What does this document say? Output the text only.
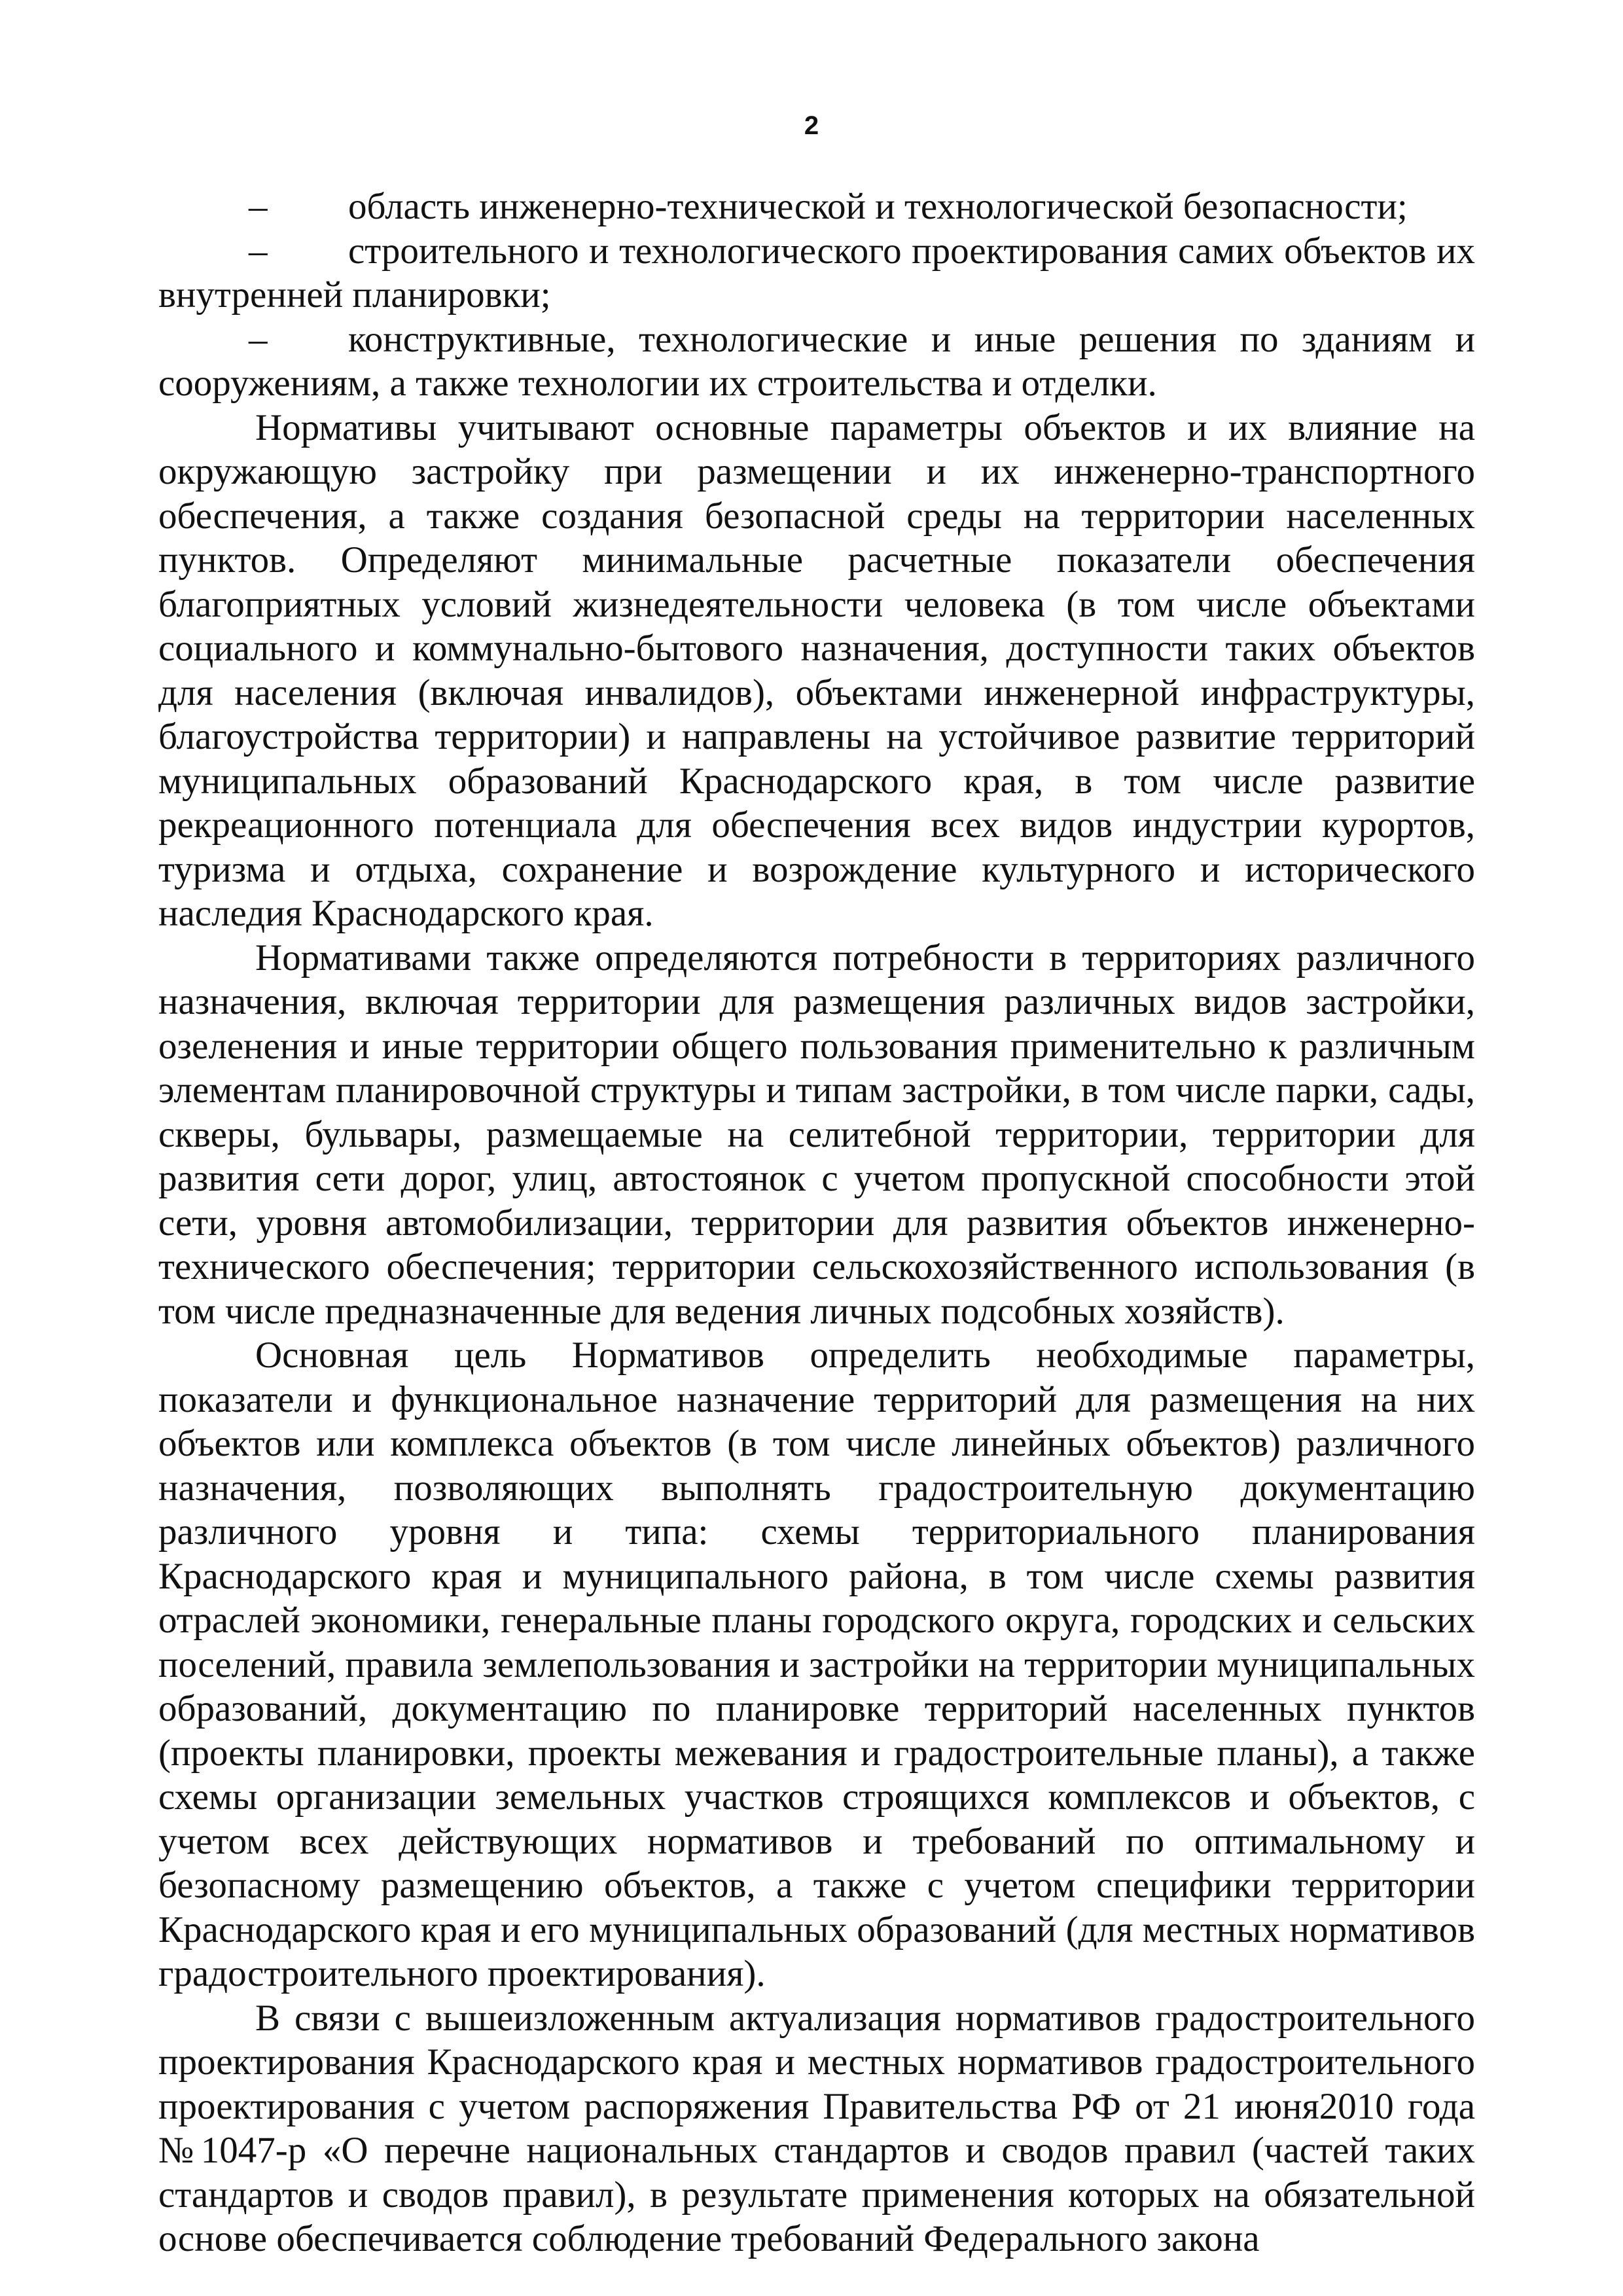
2

– область инженерно-технической и технологической безопасности;

– строительного и технологического проектирования самих объектов их внутренней планировки;

– конструктивные, технологические и иные решения по зданиям и сооружениям, а также технологии их строительства и отделки.

Нормативы учитывают основные параметры объектов и их влияние на окружающую застройку при размещении и их инженерно-транспортного обеспечения, а также создания безопасной среды на территории населенных пунктов. Определяют минимальные расчетные показатели обеспечения благоприятных условий жизнедеятельности человека (в том числе объектами социального и коммунально-бытового назначения, доступности таких объектов для населения (включая инвалидов), объектами инженерной инфраструктуры, благоустройства территории) и направлены на устойчивое развитие территорий муниципальных образований Краснодарского края, в том числе развитие рекреационного потенциала для обеспечения всех видов индустрии курортов, туризма и отдыха, сохранение и возрождение культурного и исторического наследия Краснодарского края.

Нормативами также определяются потребности в территориях различного назначения, включая территории для размещения различных видов застройки, озеленения и иные территории общего пользования применительно к различным элементам планировочной структуры и типам застройки, в том числе парки, сады, скверы, бульвары, размещаемые на селитебной территории, территории для развития сети дорог, улиц, автостоянок с учетом пропускной способности этой сети, уровня автомобилизации, территории для развития объектов инженерно-технического обеспечения; территории сельскохозяйственного использования (в том числе предназначенные для ведения личных подсобных хозяйств).

Основная цель Нормативов определить необходимые параметры, показатели и функциональное назначение территорий для размещения на них объектов или комплекса объектов (в том числе линейных объектов) различного назначения, позволяющих выполнять градостроительную документацию различного уровня и типа: схемы территориального планирования Краснодарского края и муниципального района, в том числе схемы развития отраслей экономики, генеральные планы городского округа, городских и сельских поселений, правила землепользования и застройки на территории муниципальных образований, документацию по планировке территорий населенных пунктов (проекты планировки, проекты межевания и градостроительные планы), а также схемы организации земельных участков строящихся комплексов и объектов, с учетом всех действующих нормативов и требований по оптимальному и безопасному размещению объектов, а также с учетом специфики территории Краснодарского края и его муниципальных образований (для местных нормативов градостроительного проектирования).

В связи с вышеизложенным актуализация нормативов градостроительного проектирования Краснодарского края и местных нормативов градостроительного проектирования с учетом распоряжения Правительства РФ от 21 июня2010 года №1047-р «О перечне национальных стандартов и сводов правил (частей таких стандартов и сводов правил), в результате применения которых на обязательной основе обеспечивается соблюдение требований Федерального закона
